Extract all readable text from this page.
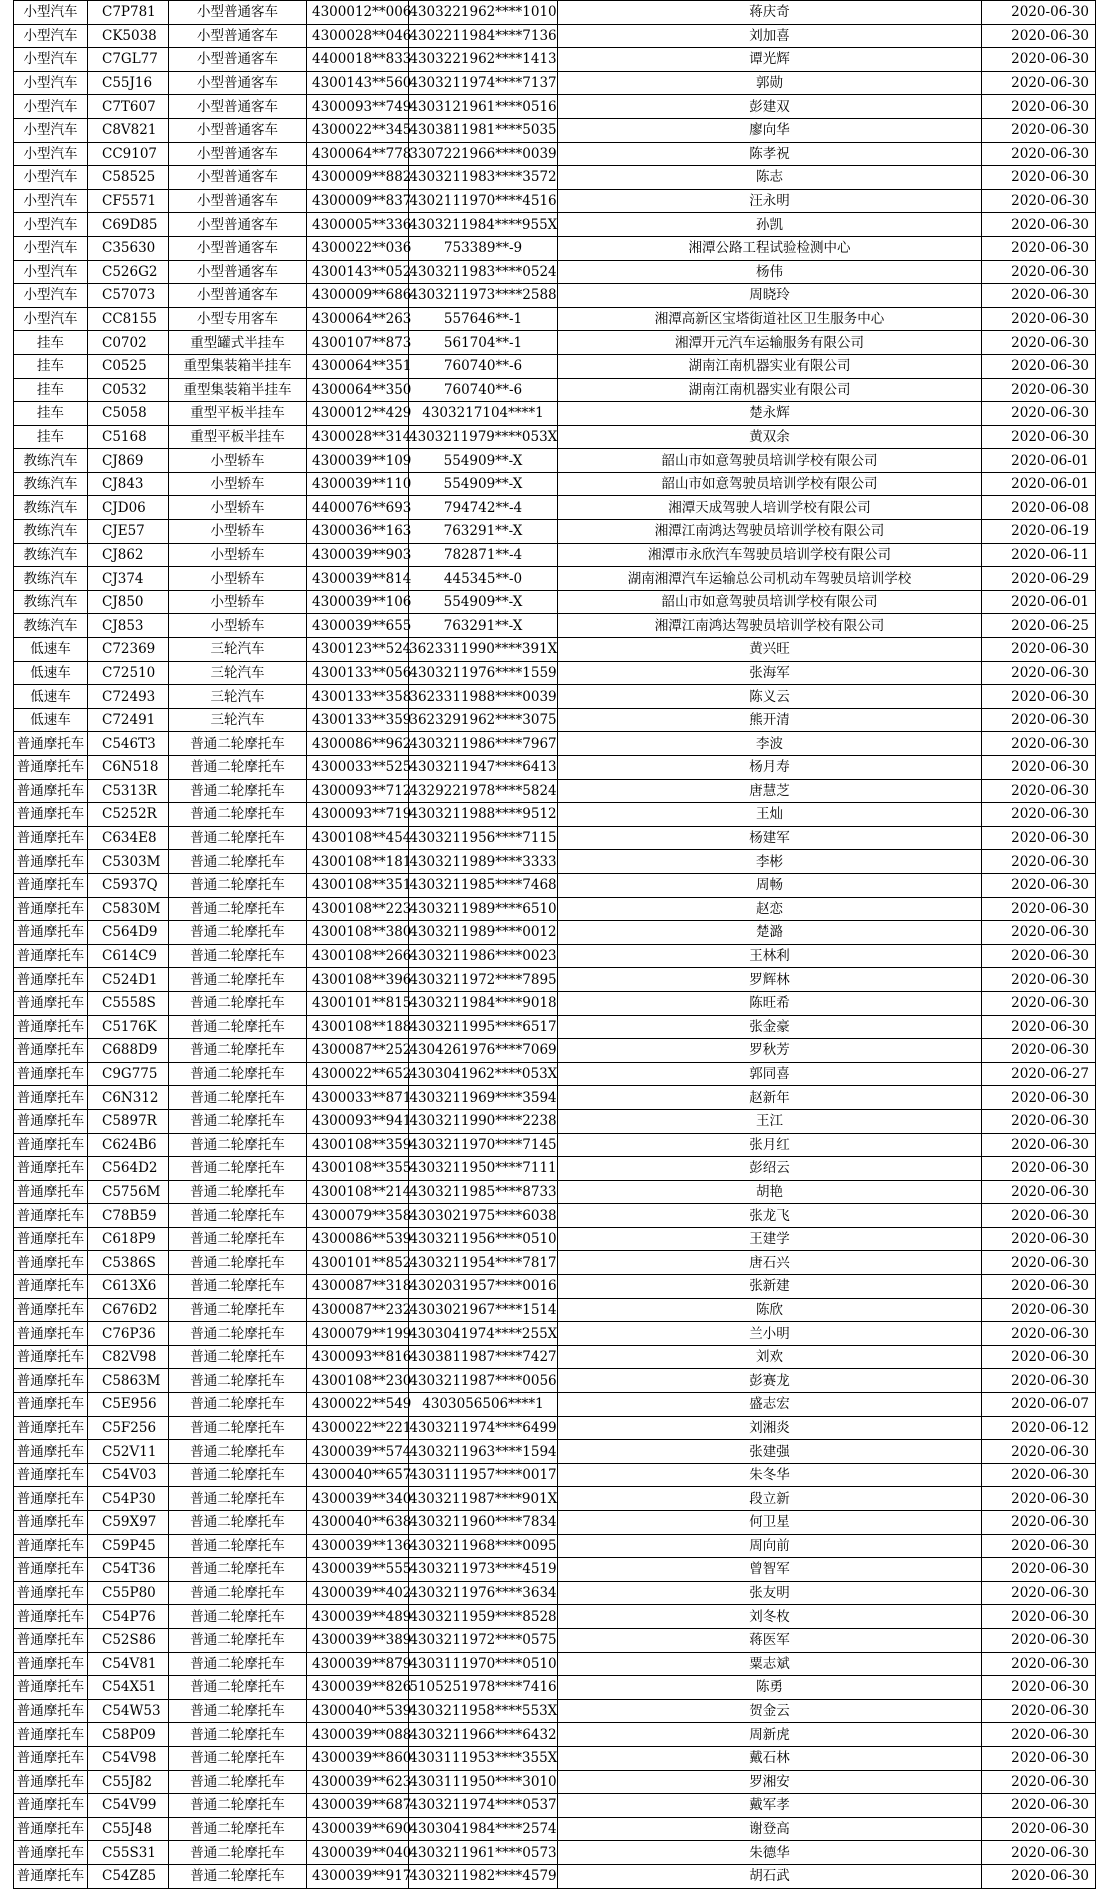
小型汽车	C7P781	小型普通客车	4300012**006	4303221962****1010	蒋庆奇	2020-06-30
小型汽车	CK5038	小型普通客车	4300028**046	4302211984****7136	刘加喜	2020-06-30
小型汽车	C7GL77	小型普通客车	4400018**833	4303221962****1413	谭光辉	2020-06-30
小型汽车	C55J16	小型普通客车	4300143**560	4303211974****7137	郭勋	2020-06-30
小型汽车	C7T607	小型普通客车	4300093**749	4303121961****0516	彭建双	2020-06-30
小型汽车	C8V821	小型普通客车	4300022**345	4303811981****5035	廖向华	2020-06-30
小型汽车	CC9107	小型普通客车	4300064**778	3307221966****0039	陈孝祝	2020-06-30
小型汽车	C58525	小型普通客车	4300009**882	4303211983****3572	陈志	2020-06-30
小型汽车	CF5571	小型普通客车	4300009**837	4302111970****4516	汪永明	2020-06-30
小型汽车	C69D85	小型普通客车	4300005**336	4303211984****955X	孙凯	2020-06-30
小型汽车	C35630	小型普通客车	4300022**036	753389**-9	湘潭公路工程试验检测中心	2020-06-30
小型汽车	C526G2	小型普通客车	4300143**052	4303211983****0524	杨伟	2020-06-30
小型汽车	C57073	小型普通客车	4300009**686	4303211973****2588	周晓玲	2020-06-30
小型汽车	CC8155	小型专用客车	4300064**263	557646**-1	湘潭高新区宝塔街道社区卫生服务中心	2020-06-30
挂车	C0702	重型罐式半挂车	4300107**873	561704**-1	湘潭开元汽车运输服务有限公司	2020-06-30
挂车	C0525	重型集装箱半挂车	4300064**351	760740**-6	湖南江南机器实业有限公司	2020-06-30
挂车	C0532	重型集装箱半挂车	4300064**350	760740**-6	湖南江南机器实业有限公司	2020-06-30
挂车	C5058	重型平板半挂车	4300012**429	4303217104****1	楚永辉	2020-06-30
挂车	C5168	重型平板半挂车	4300028**314	4303211979****053X	黄双余	2020-06-30
教练汽车	CJ869	小型轿车	4300039**109	554909**-X	韶山市如意驾驶员培训学校有限公司	2020-06-01
教练汽车	CJ843	小型轿车	4300039**110	554909**-X	韶山市如意驾驶员培训学校有限公司	2020-06-01
教练汽车	CJD06	小型轿车	4400076**693	794742**-4	湘潭天成驾驶人培训学校有限公司	2020-06-08
教练汽车	CJE57	小型轿车	4300036**163	763291**-X	湘潭江南鸿达驾驶员培训学校有限公司	2020-06-19
教练汽车	CJ862	小型轿车	4300039**903	782871**-4	湘潭市永欣汽车驾驶员培训学校有限公司	2020-06-11
教练汽车	CJ374	小型轿车	4300039**814	445345**-0	湖南湘潭汽车运输总公司机动车驾驶员培训学校	2020-06-29
教练汽车	CJ850	小型轿车	4300039**106	554909**-X	韶山市如意驾驶员培训学校有限公司	2020-06-01
教练汽车	CJ853	小型轿车	4300039**655	763291**-X	湘潭江南鸿达驾驶员培训学校有限公司	2020-06-25
低速车	C72369	三轮汽车	4300123**524	3623311990****391X	黄兴旺	2020-06-30
低速车	C72510	三轮汽车	4300133**056	4303211976****1559	张海军	2020-06-30
低速车	C72493	三轮汽车	4300133**358	3623311988****0039	陈义云	2020-06-30
低速车	C72491	三轮汽车	4300133**359	3623291962****3075	熊开清	2020-06-30
普通摩托车	C546T3	普通二轮摩托车	4300086**962	4303211986****7967	李波	2020-06-30
普通摩托车	C6N518	普通二轮摩托车	4300033**525	4303211947****6413	杨月寿	2020-06-30
普通摩托车	C5313R	普通二轮摩托车	4300093**712	4329221978****5824	唐慧芝	2020-06-30
普通摩托车	C5252R	普通二轮摩托车	4300093**719	4303211988****9512	王灿	2020-06-30
普通摩托车	C634E8	普通二轮摩托车	4300108**454	4303211956****7115	杨建军	2020-06-30
普通摩托车	C5303M	普通二轮摩托车	4300108**181	4303211989****3333	李彬	2020-06-30
普通摩托车	C5937Q	普通二轮摩托车	4300108**351	4303211985****7468	周畅	2020-06-30
普通摩托车	C5830M	普通二轮摩托车	4300108**223	4303211989****6510	赵恋	2020-06-30
普通摩托车	C564D9	普通二轮摩托车	4300108**380	4303211989****0012	楚潞	2020-06-30
普通摩托车	C614C9	普通二轮摩托车	4300108**266	4303211986****0023	王林利	2020-06-30
普通摩托车	C524D1	普通二轮摩托车	4300108**396	4303211972****7895	罗辉林	2020-06-30
普通摩托车	C5558S	普通二轮摩托车	4300101**815	4303211984****9018	陈旺希	2020-06-30
普通摩托车	C5176K	普通二轮摩托车	4300108**188	4303211995****6517	张金豪	2020-06-30
普通摩托车	C688D9	普通二轮摩托车	4300087**252	4304261976****7069	罗秋芳	2020-06-30
普通摩托车	C9G775	普通二轮摩托车	4300022**652	4303041962****053X	郭同喜	2020-06-27
普通摩托车	C6N312	普通二轮摩托车	4300033**871	4303211969****3594	赵新年	2020-06-30
普通摩托车	C5897R	普通二轮摩托车	4300093**941	4303211990****2238	王江	2020-06-30
普通摩托车	C624B6	普通二轮摩托车	4300108**359	4303211970****7145	张月红	2020-06-30
普通摩托车	C564D2	普通二轮摩托车	4300108**355	4303211950****7111	彭绍云	2020-06-30
普通摩托车	C5756M	普通二轮摩托车	4300108**214	4303211985****8733	胡艳	2020-06-30
普通摩托车	C78B59	普通二轮摩托车	4300079**358	4303021975****6038	张龙飞	2020-06-30
普通摩托车	C618P9	普通二轮摩托车	4300086**539	4303211956****0510	王建学	2020-06-30
普通摩托车	C5386S	普通二轮摩托车	4300101**852	4303211954****7817	唐石兴	2020-06-30
普通摩托车	C613X6	普通二轮摩托车	4300087**318	4302031957****0016	张新建	2020-06-30
普通摩托车	C676D2	普通二轮摩托车	4300087**232	4303021967****1514	陈欣	2020-06-30
普通摩托车	C76P36	普通二轮摩托车	4300079**199	4303041974****255X	兰小明	2020-06-30
普通摩托车	C82V98	普通二轮摩托车	4300093**816	4303811987****7427	刘欢	2020-06-30
普通摩托车	C5863M	普通二轮摩托车	4300108**230	4303211987****0056	彭赛龙	2020-06-30
普通摩托车	C5E956	普通二轮摩托车	4300022**549	4303056506****1	盛志宏	2020-06-07
普通摩托车	C5F256	普通二轮摩托车	4300022**221	4303211974****6499	刘湘炎	2020-06-12
普通摩托车	C52V11	普通二轮摩托车	4300039**574	4303211963****1594	张建强	2020-06-30
普通摩托车	C54V03	普通二轮摩托车	4300040**657	4303111957****0017	朱冬华	2020-06-30
普通摩托车	C54P30	普通二轮摩托车	4300039**340	4303211987****901X	段立新	2020-06-30
普通摩托车	C59X97	普通二轮摩托车	4300040**638	4303211960****7834	何卫星	2020-06-30
普通摩托车	C59P45	普通二轮摩托车	4300039**136	4303211968****0095	周向前	2020-06-30
普通摩托车	C54T36	普通二轮摩托车	4300039**555	4303211973****4519	曾智军	2020-06-30
普通摩托车	C55P80	普通二轮摩托车	4300039**402	4303211976****3634	张友明	2020-06-30
普通摩托车	C54P76	普通二轮摩托车	4300039**489	4303211959****8528	刘冬枚	2020-06-30
普通摩托车	C52S86	普通二轮摩托车	4300039**389	4303211972****0575	蒋医军	2020-06-30
普通摩托车	C54V81	普通二轮摩托车	4300039**879	4303111970****0510	粟志斌	2020-06-30
普通摩托车	C54X51	普通二轮摩托车	4300039**826	5105251978****7416	陈勇	2020-06-30
普通摩托车	C54W53	普通二轮摩托车	4300040**539	4303211958****553X	贺金云	2020-06-30
普通摩托车	C58P09	普通二轮摩托车	4300039**088	4303211966****6432	周新虎	2020-06-30
普通摩托车	C54V98	普通二轮摩托车	4300039**860	4303111953****355X	戴石林	2020-06-30
普通摩托车	C55J82	普通二轮摩托车	4300039**623	4303111950****3010	罗湘安	2020-06-30
普通摩托车	C54V99	普通二轮摩托车	4300039**687	4303211974****0537	戴军孝	2020-06-30
普通摩托车	C55J48	普通二轮摩托车	4300039**690	4303041984****2574	谢登高	2020-06-30
普通摩托车	C55S31	普通二轮摩托车	4300039**040	4303211961****0573	朱德华	2020-06-30
普通摩托车	C54Z85	普通二轮摩托车	4300039**917	4303211982****4579	胡石武	2020-06-30
